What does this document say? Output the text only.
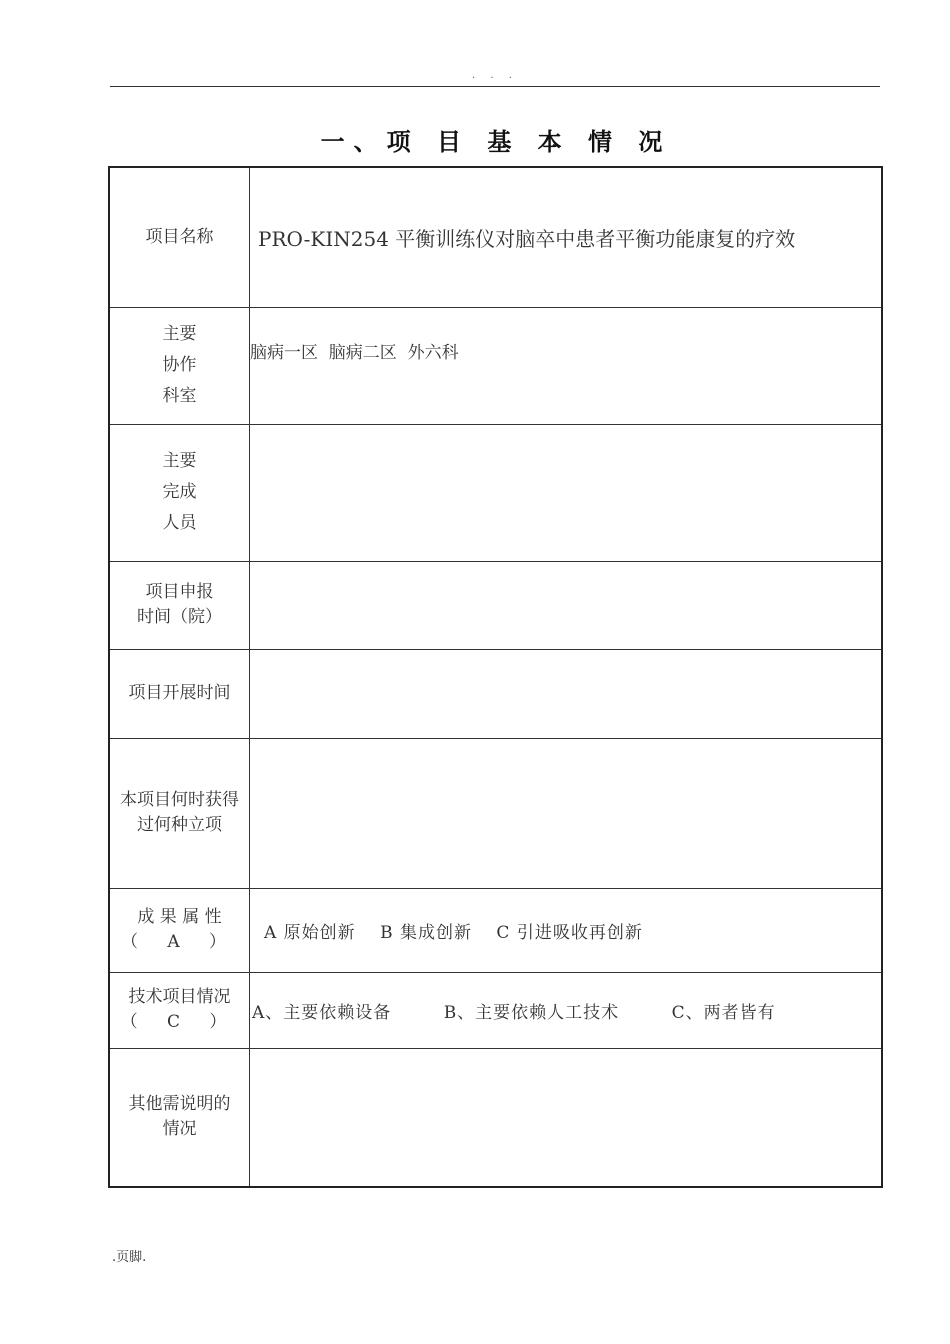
. . .
一、项 目 基 本 情 况
项目名称	PRO-KIN254 平衡训练仪对脑卒中患者平衡功能康复的疗效

主要
协作
科室	脑病一区  脑病二区  外六科

主要
完成
人员	

项目申报
时间（院）	

项目开展时间	

本项目何时获得
过何种立项	

成 果 属 性
（ A ）	A 原始创新 B 集成创新 C 引进吸收再创新

技术项目情况
（ C ）	A、主要依赖设备 B、主要依赖人工技术 C、两者皆有

其他需说明的
情况	

.页脚.
